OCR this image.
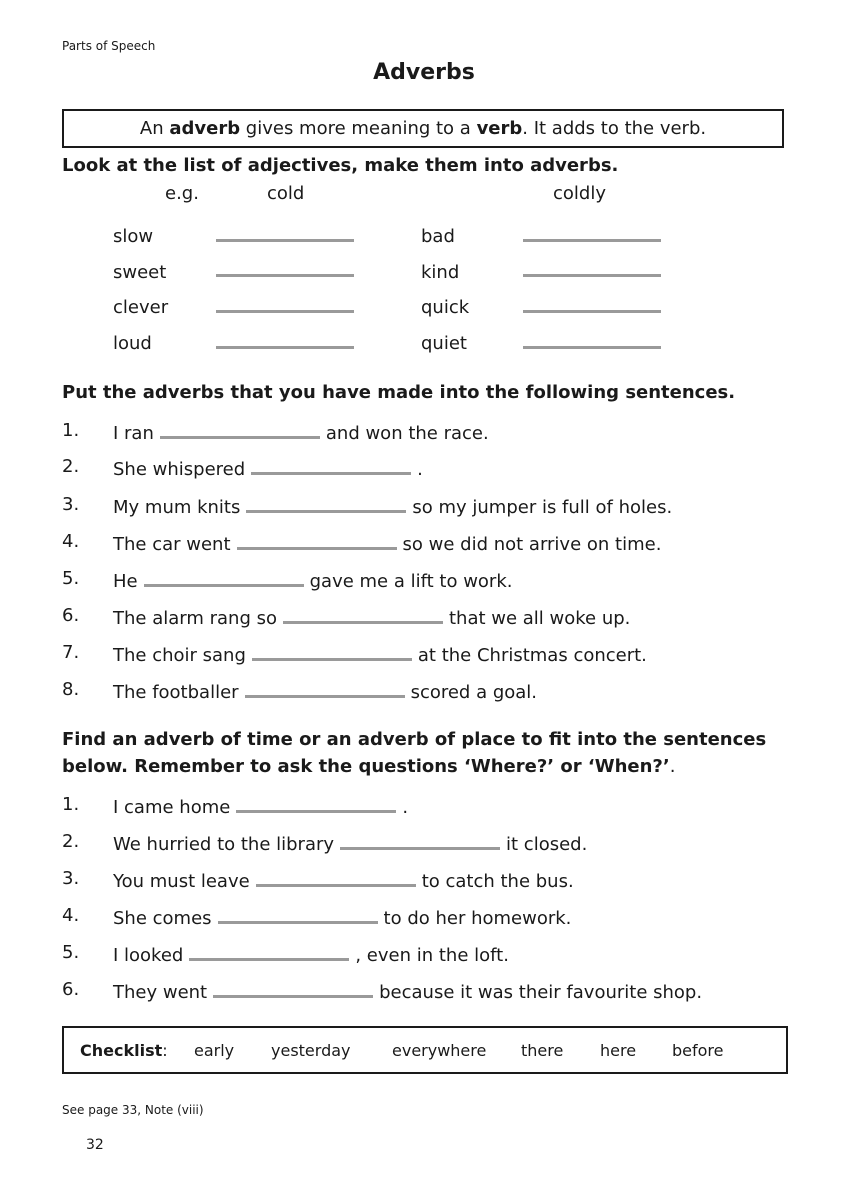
Parts of Speech
Adverbs
An adverb gives more meaning to a verb. It adds to the verb.
Look at the list of adjectives, make them into adverbs.
e.g.	cold	coldly
slow	bad
sweet	kind
clever	quick
loud	quiet
Put the adverbs that you have made into the following sentences.
1. I ran	and won the race.
2. She whispered	.
3. My mum knits	so my jumper is full of holes.
4. The car went	so we did not arrive on time.
5. He	gave me a lift to work.
6. The alarm rang so	that we all woke up.
7. The choir sang	at the Christmas concert.
8. The footballer	scored a goal.
Find an adverb of time or an adverb of place to fit into the sentences
below. Remember to ask the questions ‘Where?’ or ‘When?’.
1. I came home	.
2. We hurried to the library	it closed.
3. You must leave	to catch the bus.
4. She comes	to do her homework.
5. I looked	, even in the loft.
6. They went	because it was their favourite shop.
Checklist: early yesterday	everywhere there here before
See page 33, Note (viii)
32
